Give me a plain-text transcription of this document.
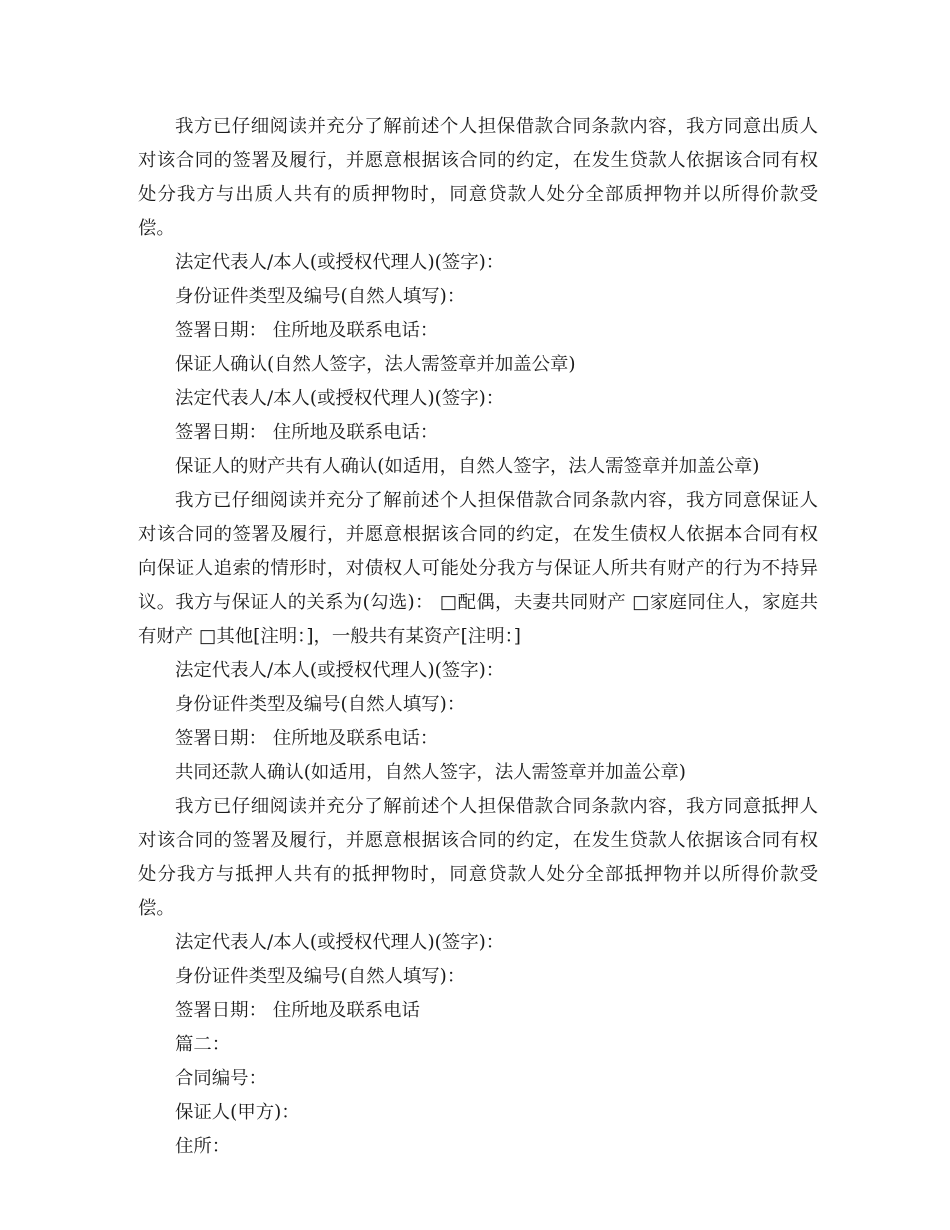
我方已仔细阅读并充分了解前述个人担保借款合同条款内容，我方同意出质人对该合同的签署及履行，并愿意根据该合同的约定，在发生贷款人依据该合同有权处分我方与出质人共有的质押物时，同意贷款人处分全部质押物并以所得价款受偿。

法定代表人/本人(或授权代理人)(签字)：

身份证件类型及编号(自然人填写)：

签署日期： 住所地及联系电话：

保证人确认(自然人签字，法人需签章并加盖公章)

法定代表人/本人(或授权代理人)(签字)：

签署日期： 住所地及联系电话：

保证人的财产共有人确认(如适用，自然人签字，法人需签章并加盖公章)

我方已仔细阅读并充分了解前述个人担保借款合同条款内容，我方同意保证人对该合同的签署及履行，并愿意根据该合同的约定，在发生债权人依据本合同有权向保证人追索的情形时，对债权人可能处分我方与保证人所共有财产的行为不持异议。我方与保证人的关系为(勾选)： □配偶，夫妻共同财产 □家庭同住人，家庭共有财产 □其他[注明：]，一般共有某资产[注明：]

法定代表人/本人(或授权代理人)(签字)：

身份证件类型及编号(自然人填写)：

签署日期： 住所地及联系电话：

共同还款人确认(如适用，自然人签字，法人需签章并加盖公章)

我方已仔细阅读并充分了解前述个人担保借款合同条款内容，我方同意抵押人对该合同的签署及履行，并愿意根据该合同的约定，在发生贷款人依据该合同有权处分我方与抵押人共有的抵押物时，同意贷款人处分全部抵押物并以所得价款受偿。

法定代表人/本人(或授权代理人)(签字)：

身份证件类型及编号(自然人填写)：

签署日期： 住所地及联系电话

篇二：

合同编号：

保证人(甲方)：

住所：
